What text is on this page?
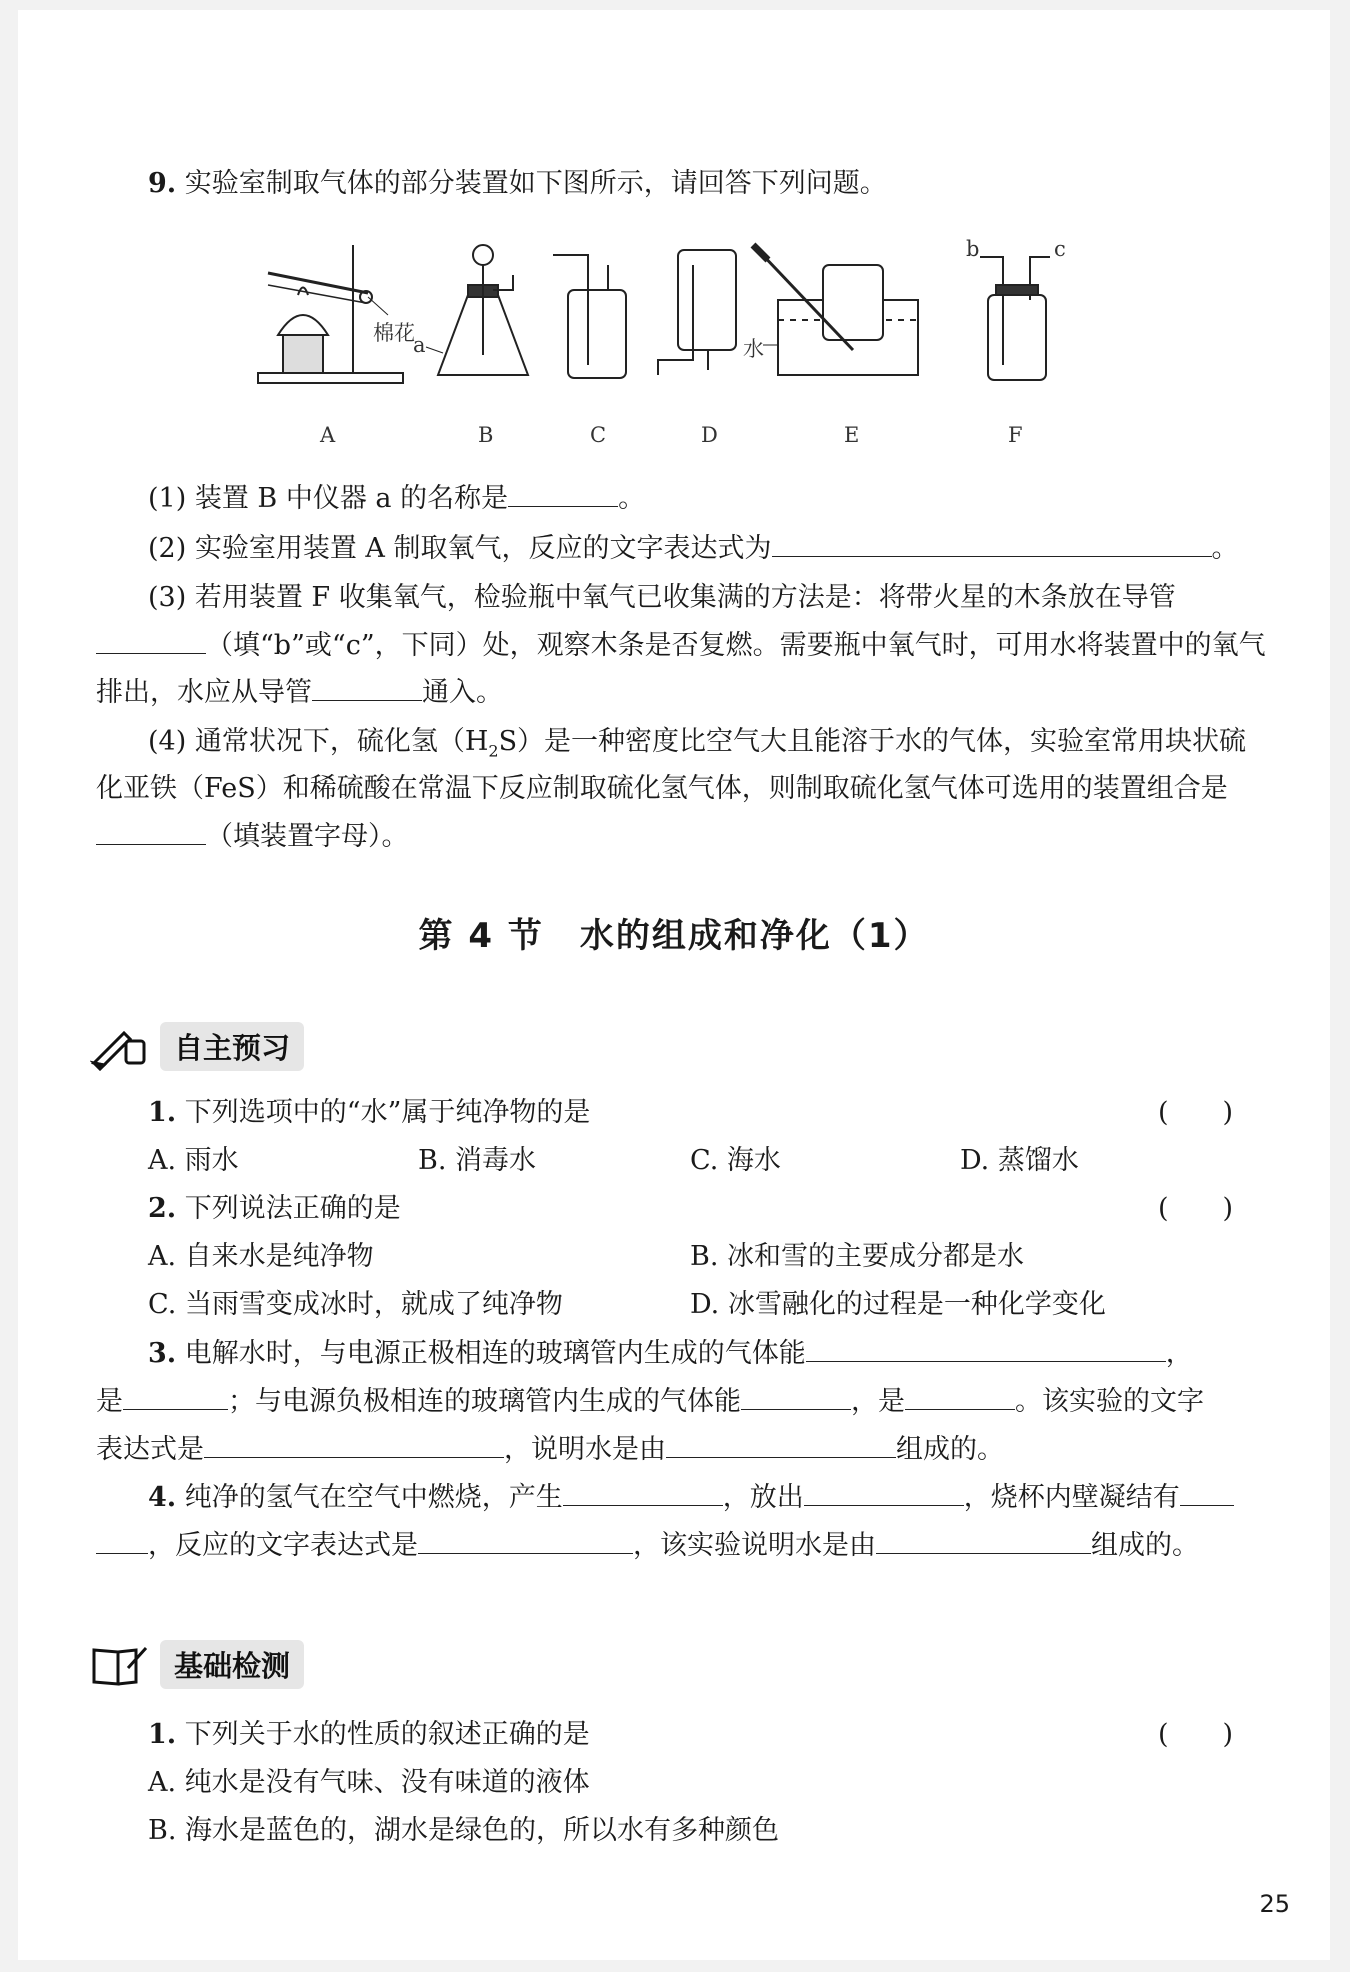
9. 实验室制取气体的部分装置如下图所示，请回答下列问题。
棉花
a	水
b	c
A	B	C	D	E	F
(1) 装置 B 中仪器 a 的名称是	。
(2) 实验室用装置 A 制取氧气，反应的文字表达式为	。
(3) 若用装置 F 收集氧气，检验瓶中氧气已收集满的方法是：将带火星的木条放在导管
（填“b”或“c”，下同）处，观察木条是否复燃。需要瓶中氧气时，可用水将装置中的氧气
排出，水应从导管	通入。
(4) 通常状况下，硫化氢$(H_2S)$是一种密度比空气大且能溶于水的气体，实验室常用块状硫
化亚铁（FeS）和稀硫酸在常温下反应制取硫化氢气体，则制取硫化氢气体可选用的装置组合是
（填装置字母）。
第 4 节　水的组成和净化（1）
自主预习
1. 下列选项中的“水”属于纯净物的是	(　　)
A. 雨水	B. 消毒水	C. 海水	D. 蒸馏水
2. 下列说法正确的是	(　　)
A. 自来水是纯净物	B. 冰和雪的主要成分都是水
C. 当雨雪变成冰时，就成了纯净物	D. 冰雪融化的过程是一种化学变化
3. 电解水时，与电源正极相连的玻璃管内生成的气体能	，
是	；与电源负极相连的玻璃管内生成的气体能	，是	。该实验的文字
表达式是	，说明水是由	组成的。
4. 纯净的氢气在空气中燃烧，产生	，放出	，烧杯内壁凝结有
，反应的文字表达式是	，该实验说明水是由	组成的。
基础检测
1. 下列关于水的性质的叙述正确的是	(　　)
A. 纯水是没有气味、没有味道的液体
B. 海水是蓝色的，湖水是绿色的，所以水有多种颜色
25
